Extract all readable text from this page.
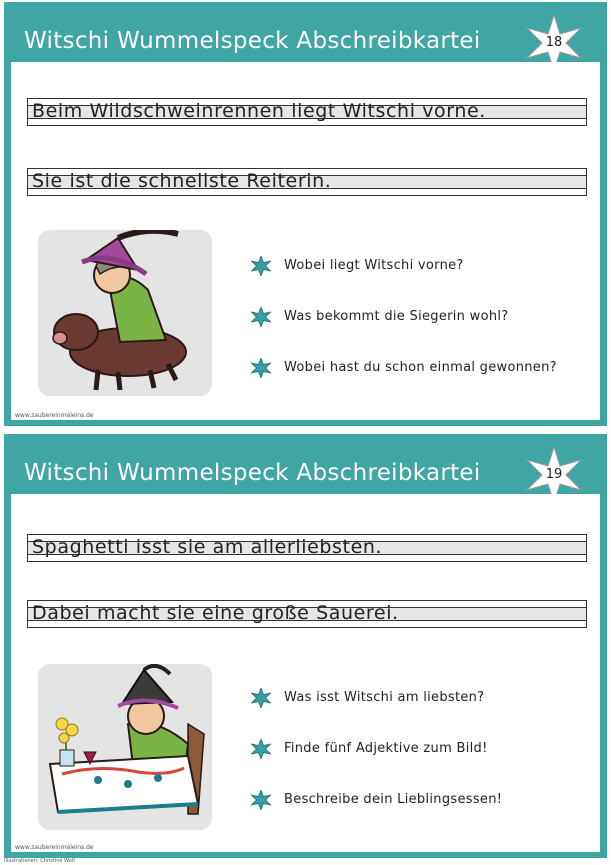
Witschi Wummelspeck Abschreibkartei	18
Beim Wildschweinrennen liegt Witschi vorne.
Sie ist die schnellste Reiterin.
www.zaubereinmaleins.de
Wobei liegt Witschi vorne?
Was bekommt die Siegerin wohl?
Wobei hast du schon einmal gewonnen?
Witschi Wummelspeck Abschreibkartei	19
Spaghetti isst sie am allerliebsten.
Dabei macht sie eine große Sauerei.
www.zaubereinmaleins.de
Was isst Witschi am liebsten?
Finde fünf Adjektive zum Bild!
Beschreibe dein Lieblingsessen!
Illustrationen: Christine Wolf
